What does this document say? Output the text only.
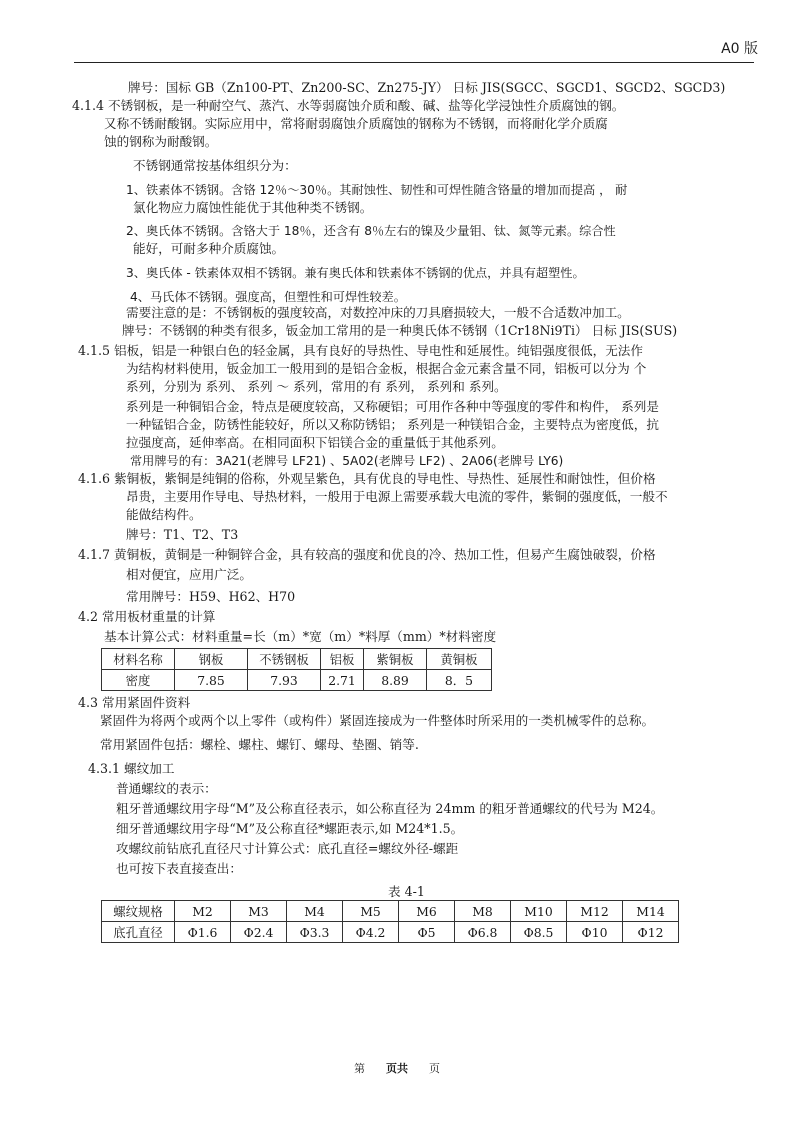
A0 版
牌号：国标 GB（Zn100-PT、Zn200-SC、Zn275-JY） 日标 JIS(SGCC、SGCD1、SGCD2、SGCD3)
4.1.4 不锈钢板，是一种耐空气、蒸汽、水等弱腐蚀介质和酸、碱、盐等化学浸蚀性介质腐蚀的钢。
又称不锈耐酸钢。实际应用中，常将耐弱腐蚀介质腐蚀的钢称为不锈钢，而将耐化学介质腐
蚀的钢称为耐酸钢。
不锈钢通常按基体组织分为：
1、铁素体不锈钢。含铬 12％～30％。其耐蚀性、韧性和可焊性随含铬量的增加而提高 ， 耐
氯化物应力腐蚀性能优于其他种类不锈钢。
2、奥氏体不锈钢。含铬大于 18％，还含有 8％左右的镍及少量钼、钛、氮等元素。综合性
能好，可耐多种介质腐蚀。
3、奥氏体 - 铁素体双相不锈钢。兼有奥氏体和铁素体不锈钢的优点，并具有超塑性。
4、马氏体不锈钢。强度高，但塑性和可焊性较差。
需要注意的是：不锈钢板的强度较高，对数控冲床的刀具磨损较大，一般不合适数冲加工。
牌号：不锈钢的种类有很多，钣金加工常用的是一种奥氏体不锈钢（1Cr18Ni9Ti） 日标 JIS(SUS)
4.1.5 铝板，铝是一种银白色的轻金属，具有良好的导热性、导电性和延展性。纯铝强度很低，无法作
为结构材料使用，钣金加工一般用到的是铝合金板，根据合金元素含量不同，铝板可以分为 个
系列，分别为 系列、 系列 ～ 系列，常用的有 系列， 系列和 系列。
系列是一种铜铝合金，特点是硬度较高，又称硬铝；可用作各种中等强度的零件和构件， 系列是
一种锰铝合金，防锈性能较好，所以又称防锈铝； 系列是一种镁铝合金，主要特点为密度低，抗
拉强度高，延伸率高。在相同面积下铝镁合金的重量低于其他系列。
常用牌号的有：3A21(老牌号 LF21) 、5A02(老牌号 LF2) 、2A06(老牌号 LY6)
4.1.6 紫铜板，紫铜是纯铜的俗称，外观呈紫色，具有优良的导电性、导热性、延展性和耐蚀性，但价格
昂贵，主要用作导电、导热材料，一般用于电源上需要承载大电流的零件，紫铜的强度低，一般不
能做结构件。
牌号：T1、T2、T3
4.1.7 黄铜板，黄铜是一种铜锌合金，具有较高的强度和优良的冷、热加工性，但易产生腐蚀破裂，价格
相对便宜，应用广泛。
常用牌号：H59、H62、H70
4.2 常用板材重量的计算
基本计算公式：材料重量=长（m）*宽（m）*料厚（mm）*材料密度
材料名称	钢板	不锈钢板	铝板	紫铜板	黄铜板
密度	7.85	7.93	2.71	8.89	8．5
4.3 常用紧固件资料
紧固件为将两个或两个以上零件（或构件）紧固连接成为一件整体时所采用的一类机械零件的总称。
常用紧固件包括：螺栓、螺柱、螺钉、螺母、垫圈、销等.
4.3.1 螺纹加工
普通螺纹的表示：
粗牙普通螺纹用字母“M”及公称直径表示，如公称直径为 24mm 的粗牙普通螺纹的代号为 M24。
细牙普通螺纹用字母“M”及公称直径*螺距表示,如 M24*1.5。
攻螺纹前钻底孔直径尺寸计算公式：底孔直径=螺纹外径-螺距
也可按下表直接查出：
表 4-1
螺纹规格	M2	M3	M4	M5	M6	M8	M10	M12	M14
底孔直径	Φ1.6	Φ2.4	Φ3.3	Φ4.2	Φ5	Φ6.8	Φ8.5	Φ10	Φ12
第 页共 页
